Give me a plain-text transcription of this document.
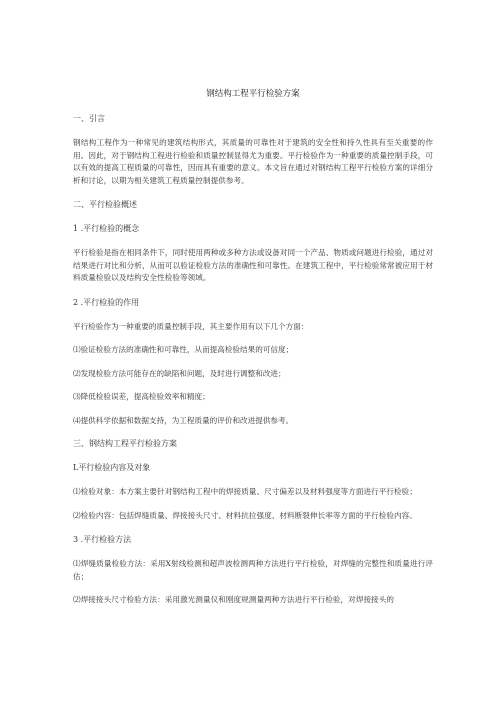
钢结构工程平行检验方案
一、引言
钢结构工程作为一种常见的建筑结构形式，其质量的可靠性对于建筑的安全性和持久性具有至关重要的作用。因此，对于钢结构工程进行检验和质量控制显得尤为重要。平行检验作为一种重要的质量控制手段，可以有效的提高工程质量的可靠性，因而具有重要的意义。本文旨在通过对钢结构工程平行检验方案的详细分析和讨论，以期为相关建筑工程质量控制提供参考。
二、平行检验概述
1 .平行检验的概念
平行检验是指在相同条件下，同时使用两种或多种方法或设备对同一个产品、物质或问题进行检验，通过对结果进行对比和分析，从而可以验证检验方法的准确性和可靠性。在建筑工程中，平行检验常常被应用于材料质量检验以及结构安全性检验等领域。
2 .平行检验的作用
平行检验作为一种重要的质量控制手段，其主要作用有以下几个方面：
⑴验证检验方法的准确性和可靠性，从而提高检验结果的可信度；
⑵发现检验方法可能存在的缺陷和问题，及时进行调整和改进；
⑶降低检验误差，提高检验效率和精度；
⑷提供科学依据和数据支持，为工程质量的评价和改进提供参考。
三、钢结构工程平行检验方案
L平行检验内容及对象
⑴检验对象：本方案主要针对钢结构工程中的焊接质量、尺寸偏差以及材料强度等方面进行平行检验；
⑵检验内容：包括焊缝质量、焊接接头尺寸、材料抗拉强度、材料断裂伸长率等方面的平行检验内容。
3 .平行检验方法
⑴焊缝质量检验方法：采用X射线检测和超声波检测两种方法进行平行检验，对焊缝的完整性和质量进行评估；
⑵焊接接头尺寸检验方法：采用激光测量仪和刚度规测量两种方法进行平行检验，对焊接接头的
